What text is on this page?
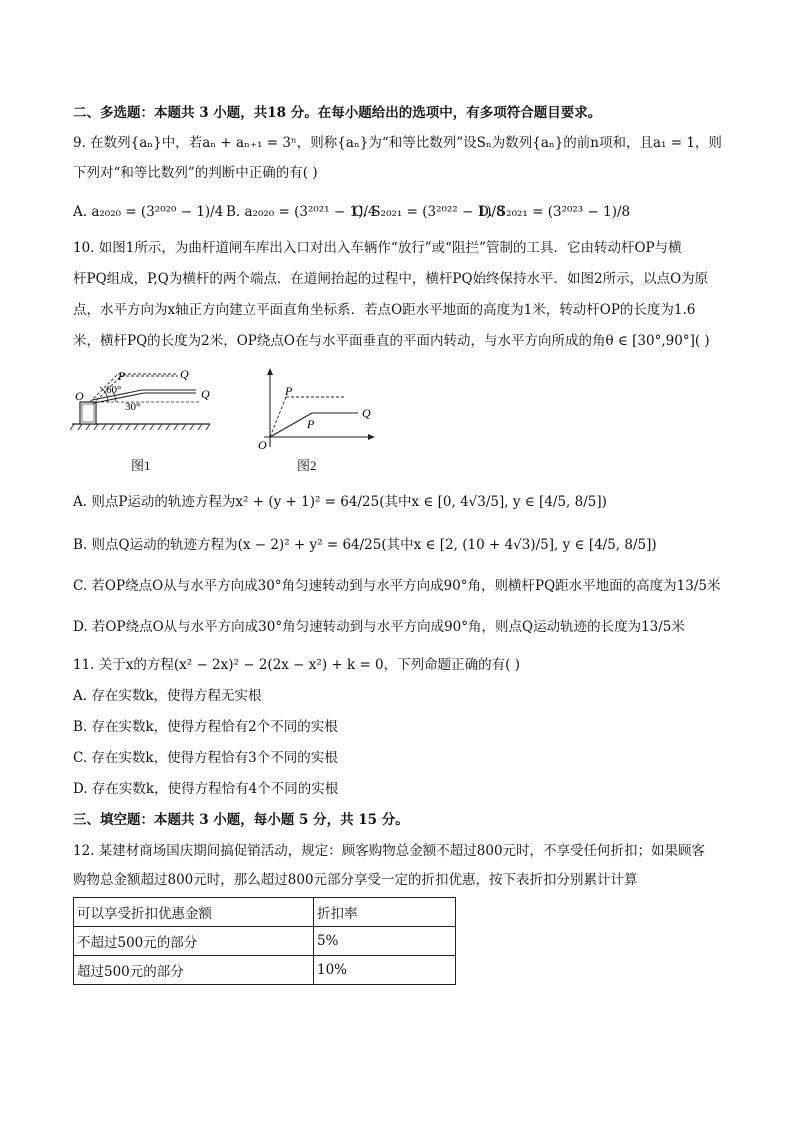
二、多选题：本题共 3 小题，共18 分。在每小题给出的选项中，有多项符合题目要求。
9. 在数列{aₙ}中，若aₙ + aₙ₊₁ = 3ⁿ，则称{aₙ}为“和等比数列”设Sₙ为数列{aₙ}的前n项和，且a₁ = 1，则
下列对“和等比数列”的判断中正确的有( )
A. a₂₀₂₀ = (3²⁰²⁰ − 1)/4 B. a₂₀₂₀ = (3²⁰²¹ − 1)/4
C. S₂₀₂₁ = (3²⁰²² − 1)/8
D. S₂₀₂₁ = (3²⁰²³ − 1)/8
10. 如图1所示，为曲杆道闸车库出入口对出入车辆作“放行”或“阻拦”管制的工具．它由转动杆OP与横
杆PQ组成，P,Q为横杆的两个端点．在道闸抬起的过程中，横杆PQ始终保持水平．如图2所示，以点O为原
点，水平方向为x轴正方向建立平面直角坐标系．若点O距水平地面的高度为1米，转动杆OP的长度为1.6
米，横杆PQ的长度为2米，OP绕点O在与水平面垂直的平面内转动，与水平方向所成的角θ ∈ [30°,90°]( )
P	Q
Q
O 60°
30°
图1
P
P
Q
O
图2
A. 则点P运动的轨迹方程为x² + (y + 1)² = 64/25(其中x ∈ [0, 4√3/5], y ∈ [4/5, 8/5])
B. 则点Q运动的轨迹方程为(x − 2)² + y² = 64/25(其中x ∈ [2, (10 + 4√3)/5], y ∈ [4/5, 8/5])
C. 若OP绕点O从与水平方向成30°角匀速转动到与水平方向成90°角，则横杆PQ距水平地面的高度为13/5米
D. 若OP绕点O从与水平方向成30°角匀速转动到与水平方向成90°角，则点Q运动轨迹的长度为13/5米
11. 关于x的方程(x² − 2x)² − 2(2x − x²) + k = 0，下列命题正确的有( )
A. 存在实数k，使得方程无实根
B. 存在实数k，使得方程恰有2个不同的实根
C. 存在实数k，使得方程恰有3个不同的实根
D. 存在实数k，使得方程恰有4个不同的实根
三、填空题：本题共 3 小题，每小题 5 分，共 15 分。
12. 某建材商场国庆期间搞促销活动，规定：顾客购物总金额不超过800元时，不享受任何折扣；如果顾客
购物总金额超过800元时，那么超过800元部分享受一定的折扣优惠，按下表折扣分别累计计算
可以享受折扣优惠金额	折扣率
不超过500元的部分	5%
超过500元的部分	10%
